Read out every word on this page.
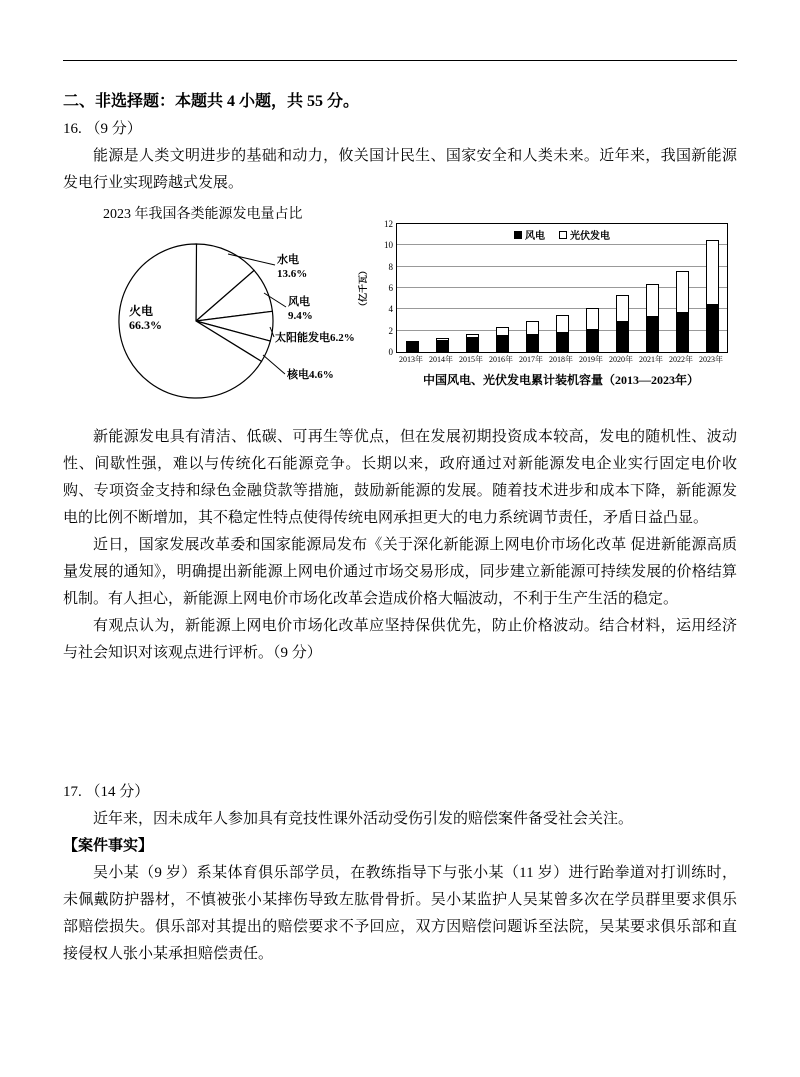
二、非选择题：本题共 4 小题，共 55 分。

16. （9 分）

能源是人类文明进步的基础和动力，攸关国计民生、国家安全和人类未来。近年来，我国新能源发电行业实现跨越式发展。

2023 年我国各类能源发电量占比

水电 13.6%
风电 9.4%
太阳能发电6.2%
核电4.6%
火电 66.3%
（亿千瓦）
风电	光伏发电
0
2
4
6
8
10
12
2013年 2014年 2015年 2016年 2017年 2018年 2019年 2020年 2021年 2022年 2023年
中国风电、光伏发电累计装机容量（2013—2023年）

新能源发电具有清洁、低碳、可再生等优点，但在发展初期投资成本较高，发电的随机性、波动性、间歇性强，难以与传统化石能源竞争。长期以来，政府通过对新能源发电企业实行固定电价收购、专项资金支持和绿色金融贷款等措施，鼓励新能源的发展。随着技术进步和成本下降，新能源发电的比例不断增加，其不稳定性特点使得传统电网承担更大的电力系统调节责任，矛盾日益凸显。

近日，国家发展改革委和国家能源局发布《关于深化新能源上网电价市场化改革 促进新能源高质量发展的通知》，明确提出新能源上网电价通过市场交易形成，同步建立新能源可持续发展的价格结算机制。有人担心，新能源上网电价市场化改革会造成价格大幅波动，不利于生产生活的稳定。

有观点认为，新能源上网电价市场化改革应坚持保供优先，防止价格波动。结合材料，运用经济与社会知识对该观点进行评析。（9 分）

17. （14 分）

近年来，因未成年人参加具有竞技性课外活动受伤引发的赔偿案件备受社会关注。

【案件事实】

吴小某（9 岁）系某体育俱乐部学员，在教练指导下与张小某（11 岁）进行跆拳道对打训练时，未佩戴防护器材，不慎被张小某摔伤导致左肱骨骨折。吴小某监护人吴某曾多次在学员群里要求俱乐部赔偿损失。俱乐部对其提出的赔偿要求不予回应，双方因赔偿问题诉至法院，吴某要求俱乐部和直接侵权人张小某承担赔偿责任。
